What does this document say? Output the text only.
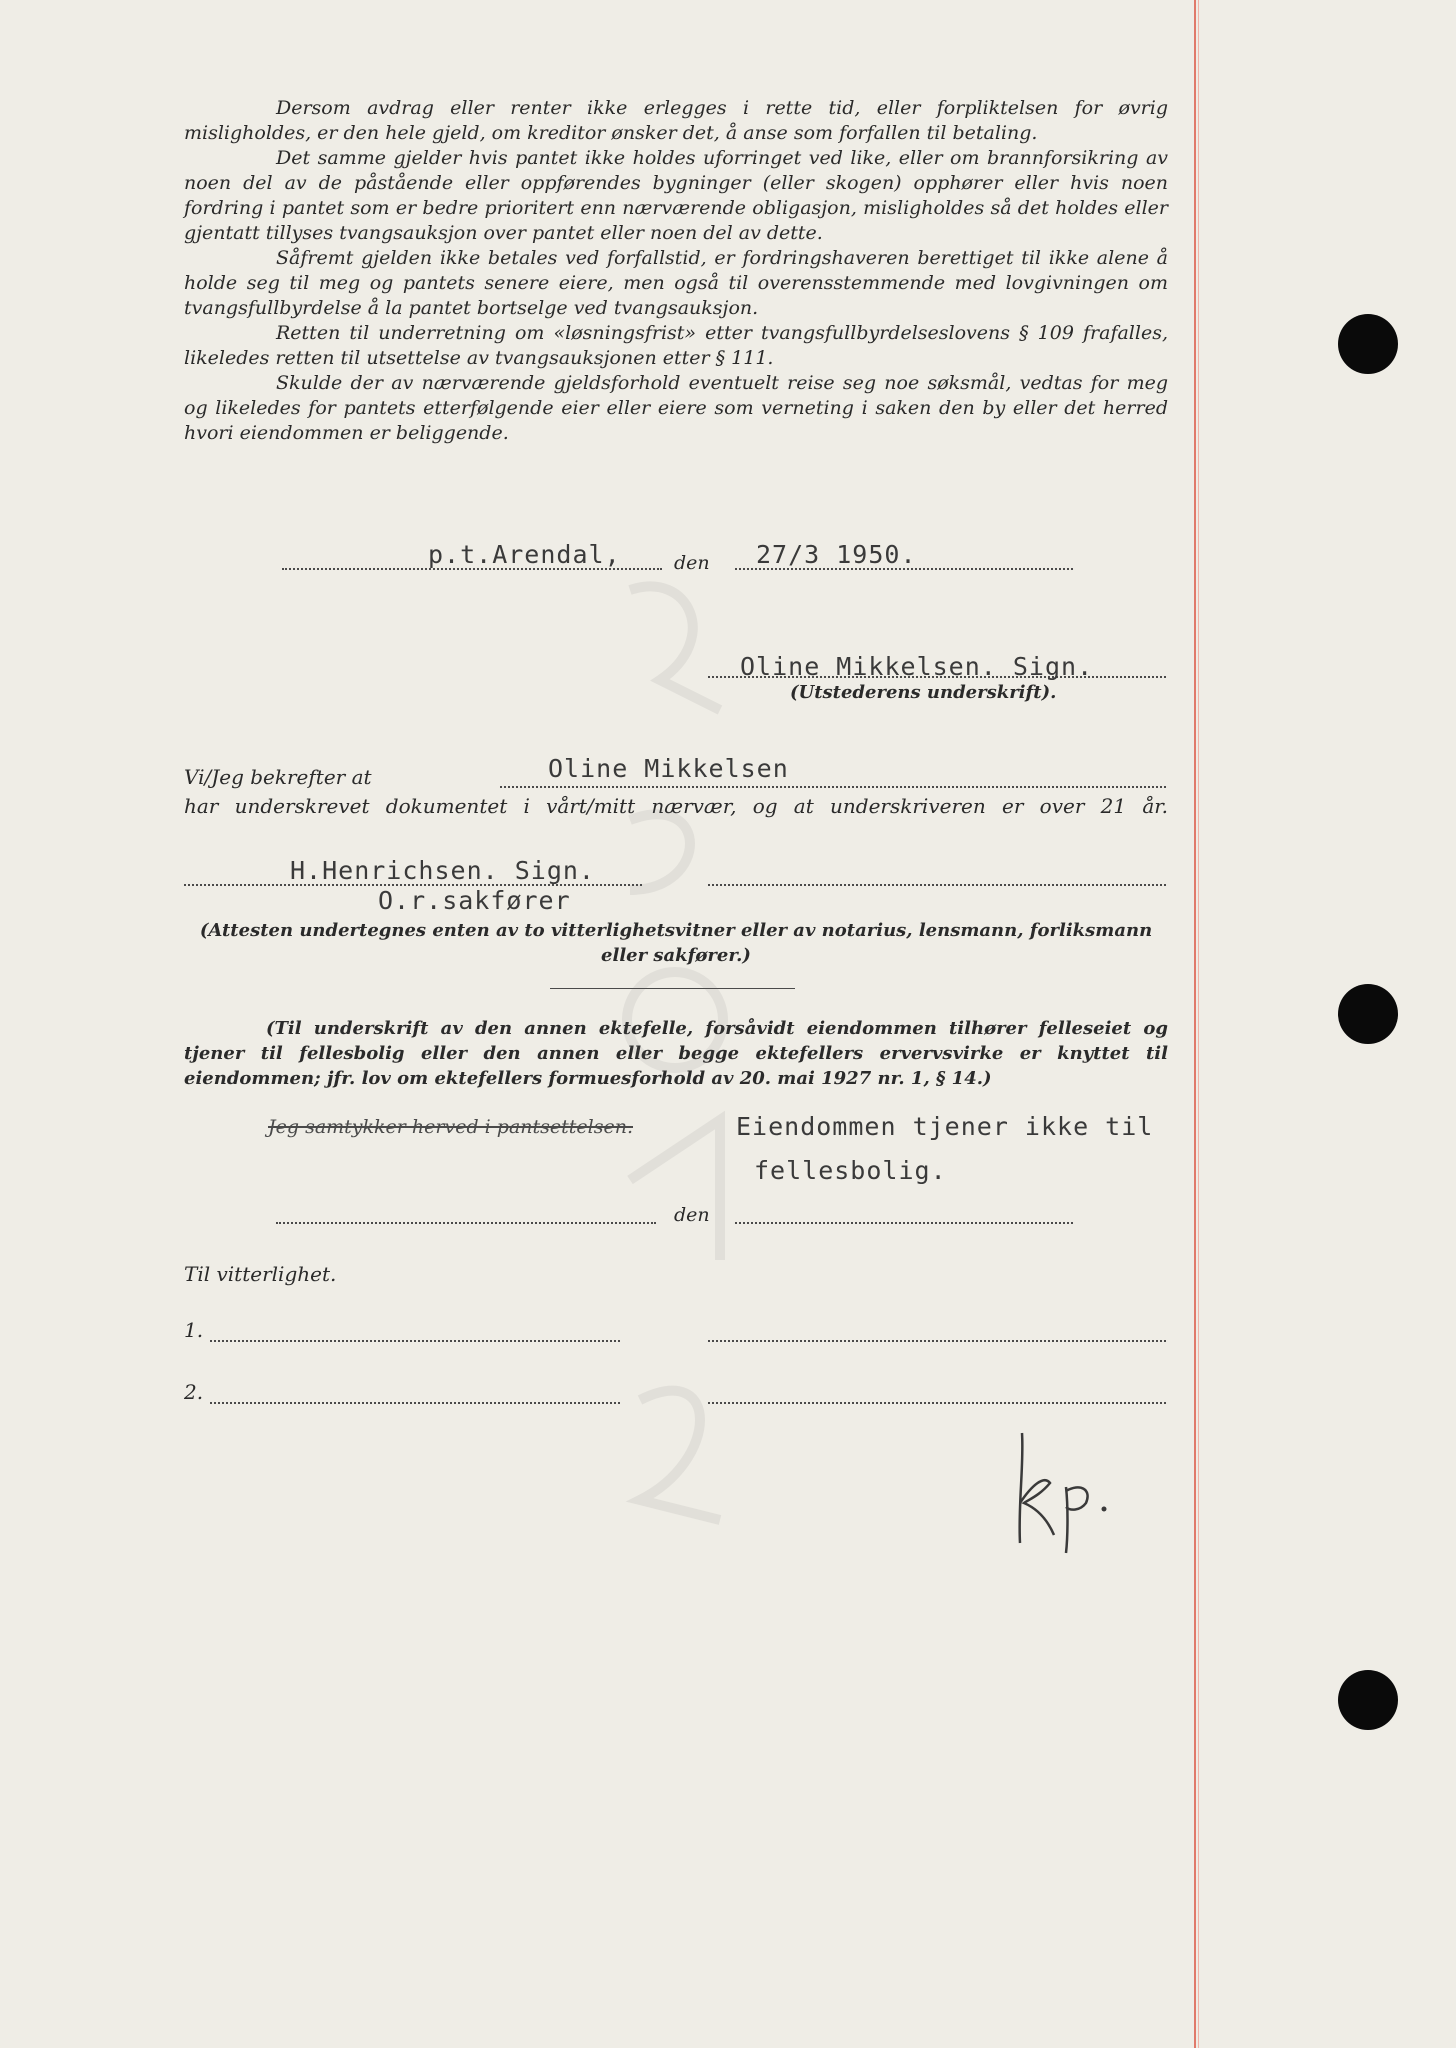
Dersom avdrag eller renter ikke erlegges i rette tid, eller forpliktelsen for øvrig misligholdes, er den hele gjeld, om kreditor ønsker det, å anse som forfallen til betaling.

Det samme gjelder hvis pantet ikke holdes uforringet ved like, eller om brannforsikring av noen del av de påstående eller oppførendes bygninger (eller skogen) opphører eller hvis noen fordring i pantet som er bedre prioritert enn nærværende obligasjon, misligholdes så det holdes eller gjentatt tillyses tvangsauksjon over pantet eller noen del av dette.

Såfremt gjelden ikke betales ved forfallstid, er fordringshaveren berettiget til ikke alene å holde seg til meg og pantets senere eiere, men også til overensstemmende med lovgivningen om tvangsfullbyrdelse å la pantet bortselge ved tvangsauksjon.

Retten til underretning om «løsningsfrist» etter tvangsfullbyrdelseslovens § 109 frafalles, likeledes retten til utsettelse av tvangsauksjonen etter § 111.

Skulde der av nærværende gjeldsforhold eventuelt reise seg noe søksmål, vedtas for meg og likeledes for pantets etterfølgende eier eller eiere som verneting i saken den by eller det herred hvori eiendommen er beliggende.

p.t.Arendal,	den 27/3 1950.
Oline Mikkelsen. Sign.
(Utstederens underskrift).
Vi/Jeg bekrefter at	Oline Mikkelsen
har underskrevet dokumentet i vårt/mitt nærvær, og at underskriveren er over 21 år.
H.Henrichsen. Sign.
O.r.sakfører
(Attesten undertegnes enten av to vitterlighetsvitner eller av notarius, lensmann, forliksmann eller sakfører.)
(Til underskrift av den annen ektefelle, forsåvidt eiendommen tilhører felleseiet og tjener til fellesbolig eller den annen eller begge ektefellers ervervsvirke er knyttet til eiendommen; jfr. lov om ektefellers formuesforhold av 20. mai 1927 nr. 1, § 14.)
Jeg samtykker herved i pantsettelsen.	Eiendommen tjener ikke til
fellesbolig.
den
Til vitterlighet.
1.
2.
